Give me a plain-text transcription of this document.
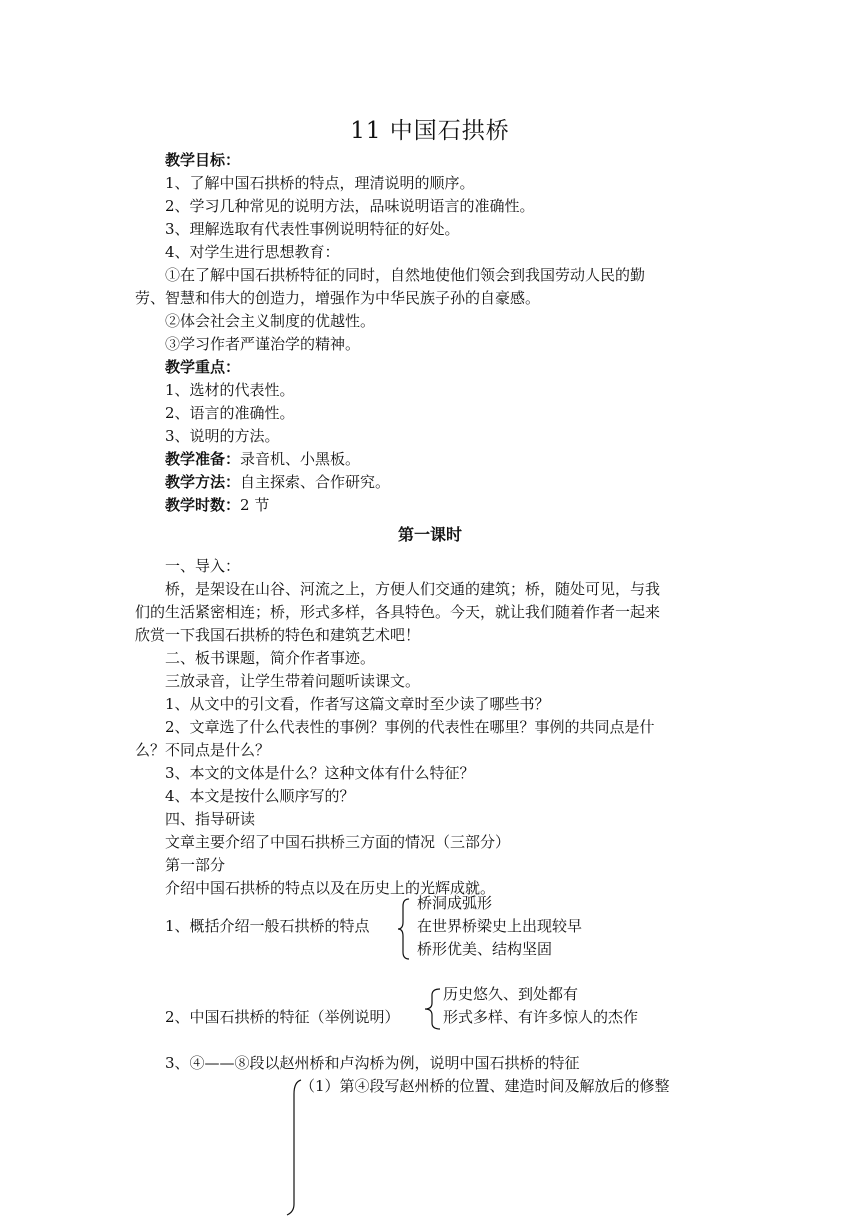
11 中国石拱桥
教学目标：
1、了解中国石拱桥的特点，理清说明的顺序。
2、学习几种常见的说明方法，品味说明语言的准确性。
3、理解选取有代表性事例说明特征的好处。
4、对学生进行思想教育：
①在了解中国石拱桥特征的同时，自然地使他们领会到我国劳动人民的勤
劳、智慧和伟大的创造力，增强作为中华民族子孙的自豪感。
②体会社会主义制度的优越性。
③学习作者严谨治学的精神。
教学重点：
1、选材的代表性。
2、语言的准确性。
3、说明的方法。
教学准备：录音机、小黑板。
教学方法：自主探索、合作研究。
教学时数：2 节
第一课时
一、导入：
桥，是架设在山谷、河流之上，方便人们交通的建筑；桥，随处可见，与我
们的生活紧密相连；桥，形式多样，各具特色。今天，就让我们随着作者一起来
欣赏一下我国石拱桥的特色和建筑艺术吧！
二、板书课题，简介作者事迹。
三放录音，让学生带着问题听读课文。
1、从文中的引文看，作者写这篇文章时至少读了哪些书？
2、文章选了什么代表性的事例？事例的代表性在哪里？事例的共同点是什
么？不同点是什么？
3、本文的文体是什么？这种文体有什么特征？
4、本文是按什么顺序写的？
四、指导研读
文章主要介绍了中国石拱桥三方面的情况（三部分）
第一部分
介绍中国石拱桥的特点以及在历史上的光辉成就。
1、概括介绍一般石拱桥的特点
桥洞成弧形
在世界桥梁史上出现较早
桥形优美、结构坚固
2、中国石拱桥的特征（举例说明）
历史悠久、到处都有
形式多样、有许多惊人的杰作
3、④——⑧段以赵州桥和卢沟桥为例，说明中国石拱桥的特征
（1）第④段写赵州桥的位置、建造时间及解放后的修整
